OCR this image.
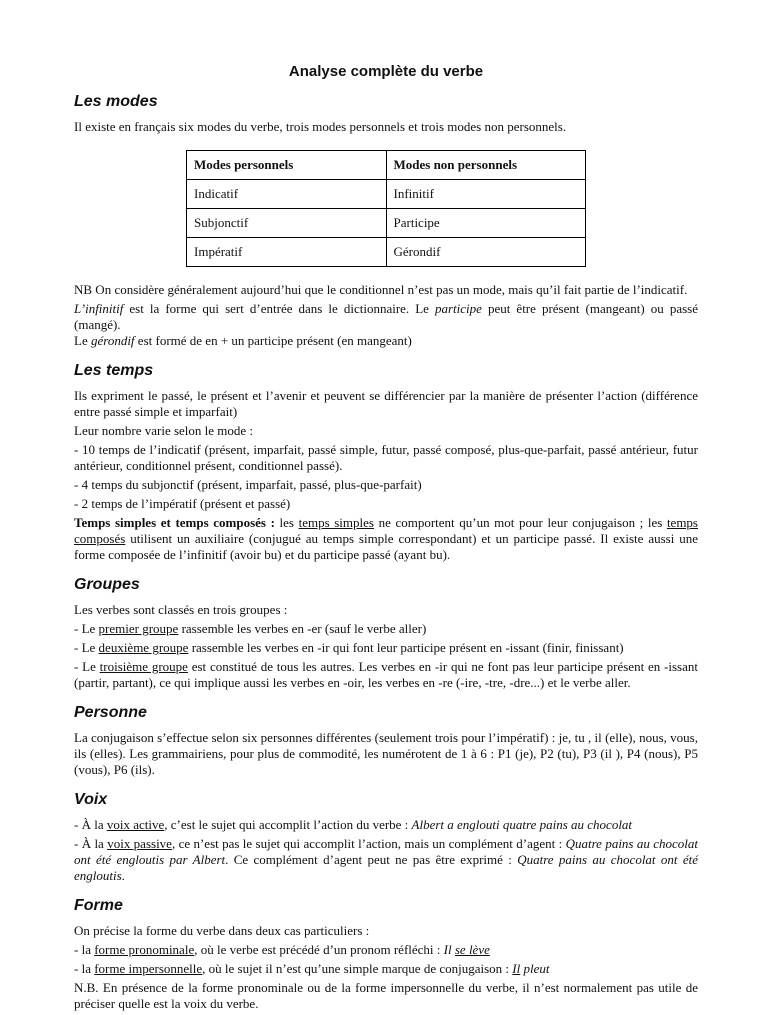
Analyse complète du verbe
Les modes

Il existe en français six modes du verbe, trois modes personnels et trois modes non personnels.

Modes personnels	Modes non personnels
Indicatif	Infinitif
Subjonctif	Participe
Impératif	Gérondif

NB On considère généralement aujourd’hui que le conditionnel n’est pas un mode, mais qu’il fait partie de l’indicatif.

L’infinitif est la forme qui sert d’entrée dans le dictionnaire. Le participe peut être présent (mangeant) ou passé (mangé).

Le gérondif est formé de en + un participe présent (en mangeant)

Les temps

Ils expriment le passé, le présent et l’avenir et peuvent se différencier par la manière de présenter l’action (différence entre passé simple et imparfait)

Leur nombre varie selon le mode :

- 10 temps de l’indicatif (présent, imparfait, passé simple, futur, passé composé, plus-que-parfait, passé antérieur, futur antérieur, conditionnel présent, conditionnel passé).

- 4 temps du subjonctif (présent, imparfait, passé, plus-que-parfait)

- 2 temps de l’impératif (présent et passé)

Temps simples et temps composés : les temps simples ne comportent qu’un mot pour leur conjugaison ; les temps composés utilisent un auxiliaire (conjugué au temps simple correspondant) et un participe passé. Il existe aussi une forme composée de l’infinitif (avoir bu) et du participe passé (ayant bu).

Groupes

Les verbes sont classés en trois groupes :

- Le premier groupe rassemble les verbes en -er (sauf le verbe aller)

- Le deuxième groupe rassemble les verbes en -ir qui font leur participe présent en -issant (finir, finissant)

- Le troisième groupe est constitué de tous les autres. Les verbes en -ir qui ne font pas leur participe présent en -issant (partir, partant), ce qui implique aussi les verbes en -oir, les verbes en -re (-ire, -tre, -dre...) et le verbe aller.

Personne

La conjugaison s’effectue selon six personnes différentes (seulement trois pour l’impératif) : je, tu , il (elle), nous, vous, ils (elles). Les grammairiens, pour plus de commodité, les numérotent de 1 à 6 : P1 (je), P2 (tu), P3 (il ), P4 (nous), P5 (vous), P6 (ils).

Voix

- À la voix active, c’est le sujet qui accomplit l’action du verbe : Albert a englouti quatre pains au chocolat

- À la voix passive, ce n’est pas le sujet qui accomplit l’action, mais un complément d’agent : Quatre pains au chocolat ont été engloutis par Albert. Ce complément d’agent peut ne pas être exprimé : Quatre pains au chocolat ont été engloutis.

Forme

On précise la forme du verbe dans deux cas particuliers :

- la forme pronominale, où le verbe est précédé d’un pronom réfléchi : Il se lève

- la forme impersonnelle, où le sujet il n’est qu’une simple marque de conjugaison : Il pleut

N.B. En présence de la forme pronominale ou de la forme impersonnelle du verbe, il n’est normalement pas utile de préciser quelle est la voix du verbe.
